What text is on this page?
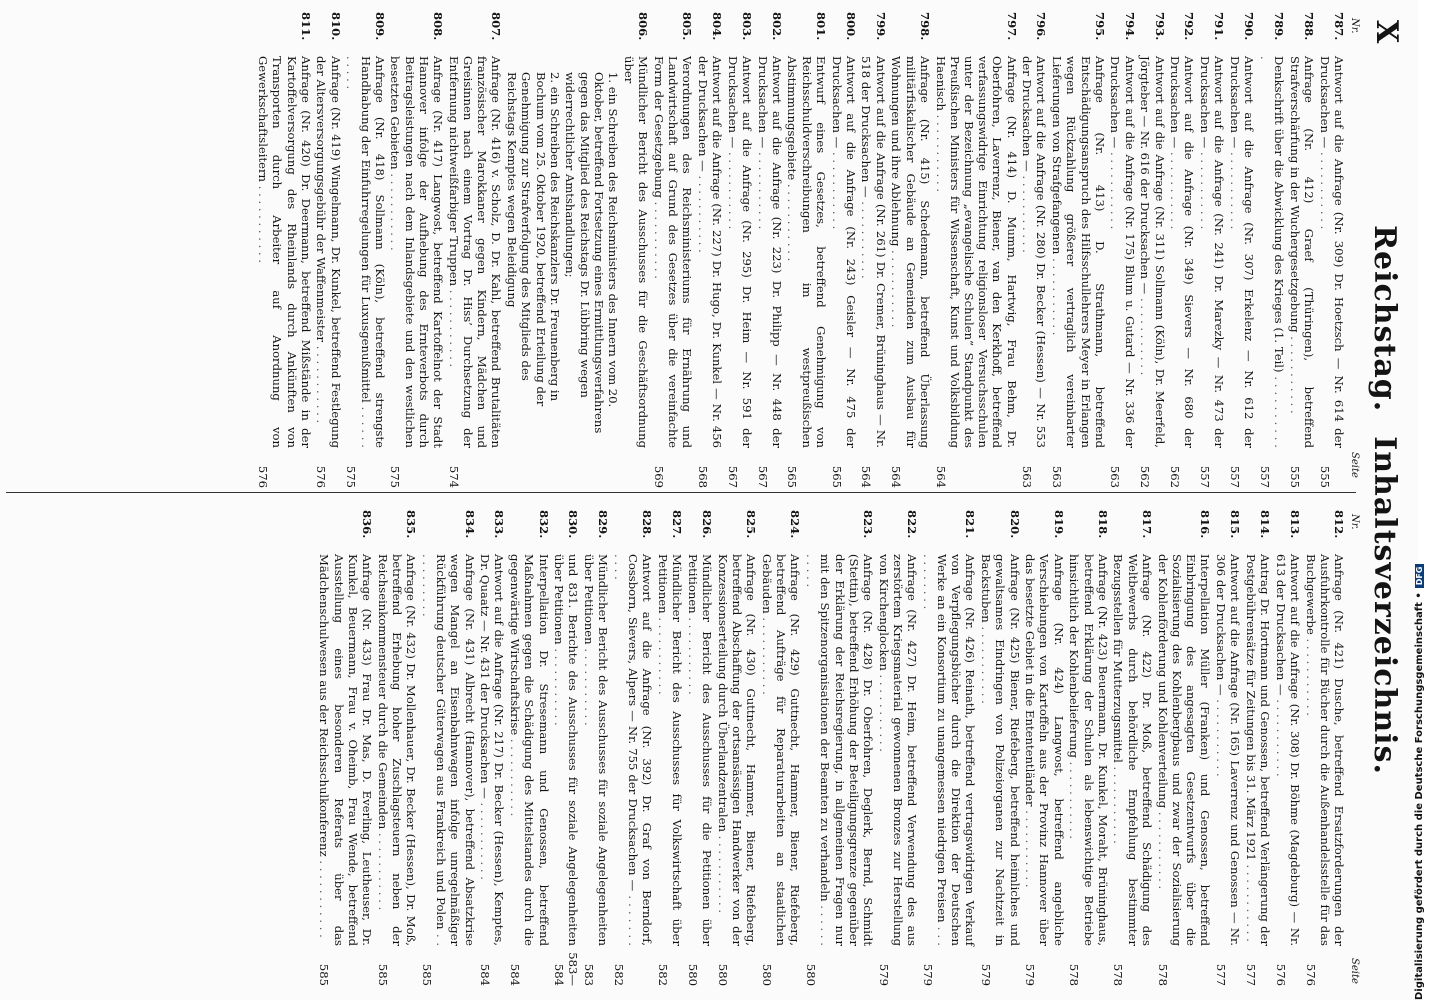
X
Reichstag.Inhaltsverzeichnis.
Nr.
Seite
Nr.
Seite
787.
Antwort auf die Anfrage (Nr. 309) Dr. Hoetzsch — Nr. 614 der Drucksachen — . . .
555
788.
Anfrage (Nr. 412) Graef (Thüringen), betreffend Strafverschärfung in der Wuchergesetzgebung . . .
555
789.
Denkschrift über die Abwicklung des Krieges (1. Teil) . . .
557
790.
Antwort auf die Anfrage (Nr. 307) Erkelenz — Nr. 612 der Drucksachen — . . .
557
791.
Antwort auf die Anfrage (Nr. 241) Dr. Marezky — Nr. 473 der Drucksachen — . . .
557
792.
Antwort auf die Anfrage (Nr. 349) Sievers — Nr. 680 der Drucksachen — . . .
562
793.
Antwort auf die Anfrage (Nr. 311) Sollmann (Köln), Dr. Meerfeld, Jörgteber — Nr. 616 der Drucksachen — . . .
562
794.
Antwort auf die Anfrage (Nr. 175) Blum u. Gutard — Nr. 336 der Drucksachen — . . .
563
795.
Anfrage (Nr. 413) D. Strathmann, betreffend Entschädigungsanspruch des Hilfsschullehrers Meyer in Erlangen wegen Rückzahlung größerer vertraglich vereinbarter Lieferungen von Strafgefangenen . . .
563
796.
Antwort auf die Anfrage (Nr. 280) Dr. Becker (Hessen) — Nr. 553 der Drucksachen — . . .
563
797.
Anfrage (Nr. 414) D. Mumm, Hartwig, Frau Behm, Dr. Oberfohren, Laverrenz, Biener, van den Kerkhoff, betreffend verfassungswidrige Einrichtung religionsloser Versuchsschulen unter der Bezeichnung „evangelische Schulen“ Standpunkt des Preußischen Ministers für Wissenschaft, Kunst und Volksbildung Haenisch . . .
564
798.
Anfrage (Nr. 415) Schedemann, betreffend Überlassung militärfiskalischer Gebäude an Gemeinden zum Ausbau für Wohnungen und ihre Ablehnung . . .
564
799.
Antwort auf die Anfrage (Nr. 261) Dr. Cremer, Brüninghaus — Nr. 518 der Drucksachen — . . .
564
800.
Antwort auf die Anfrage (Nr. 243) Geisler — Nr. 475 der Drucksachen — . . .
565
801.
Entwurf eines Gesetzes, betreffend Genehmigung von Reichsschuldverschreibungen im westpreußischen Abstimmungsgebiete . . .
565
802.
Antwort auf die Anfrage (Nr. 223) Dr. Philipp — Nr. 448 der Drucksachen — . . .
567
803.
Antwort auf die Anfrage (Nr. 295) Dr. Heim — Nr. 591 der Drucksachen — . . .
567
804.
Antwort auf die Anfrage (Nr. 227) Dr. Hugo, Dr. Kunkel — Nr. 456 der Drucksachen — . . .
568
805.
Verordnungen des Reichsministeriums für Ernährung und Landwirtschaft auf Grund des Gesetzes über die vereinfachte Form der Gesetzgebung . . .
569
806.
Mündlicher Bericht des Ausschusses für die Geschäftsordnung über
1. ein Schreiben des Reichsministers des Innern vom 20. Oktober, betreffend Fortsetzung eines Ermittlungsverfahrens gegen das Mitglied des Reichstags Dr. Lübbring wegen widerrechtlicher Amtshandlungen;
2. ein Schreiben des Reichskanzlers Dr. Freunenberg in Bochum vom 25. Oktober 1920, betreffend Erteilung der Genehmigung zur Strafverfolgung des Mitglieds des Reichstags Kemptes wegen Beleidigung
807.
Anfrage (Nr. 416) v. Scholz, D. Dr. Kahl, betreffend Brutalitäten französischer Marokkaner gegen Kindern, Mädchen und Greisinnen nach einem Vortrag Dr. Hiss’ Durchsetzung der Entfernung nichtweißfarbiger Truppen . . .
574
808.
Anfrage (Nr. 417) Langwost, betreffend Kartoffelnot der Stadt Hannover infolge der Aufhebung des Ernteverbots durch Beitragsleistungen nach dem Inlandsgebiete und den westlichen besetzten Gebieten . . .
575
809.
Anfrage (Nr. 418) Sollmann (Köln), betreffend strengste Handhabung der Einfuhrregelungen für Luxusgenußmittel . . .
575
810.
Anfrage (Nr. 419) Wingelmann, Dr. Kunkel, betreffend Festlegung der Altersversorgungsgebühr der Waffenmeister . . .
576
811.
Anfrage (Nr. 420) Dr. Deermann, betreffend Mißstände in der Kartoffelversorgung des Rheinlands durch Ankünften von Transporten durch Arbeiter auf Anordnung von Gewerkschaftsleitern . . .
576
812.
Anfrage (Nr. 421) Dusche, betreffend Ersatzforderungen der Ausfuhrkontrolle für Bücher durch die Außenhandelsstelle für das Buchgewerbe . . .
576
813.
Antwort auf die Anfrage (Nr. 308) Dr. Böhme (Magdeburg) — Nr. 613 der Drucksachen — . . .
576
814.
Antrag Dr. Hortmann und Genossen, betreffend Verlängerung der Postgebührensätze für Zeitungen bis 31. März 1921 . . .
577
815.
Antwort auf die Anfrage (Nr. 165) Laverrenz und Genossen — Nr. 306 der Drucksachen — . . .
577
816.
Interpellation Müller (Franken) und Genossen, betreffend Einbringung des angesagten Gesetzentwurfs über die Sozialisierung des Kohlenbergbaus und zwar der Sozialisierung der Kohlenförderung und Kohlenverteilung . . .
578
817.
Anfrage (Nr. 422) Dr. Moß, betreffend Schädigung des Weltbewerbs durch behördliche Empfehlung bestimmter Bezugsstellen für Mutterzugsmittel . . .
578
818.
Anfrage (Nr. 423) Beuermann, Dr. Kunkel, Moraht, Brüninghaus, betreffend Erklärung der Schulen als lebenswichtige Betriebe hinsichtlich der Kohlenbelieferung . . .
578
819.
Anfrage (Nr. 424) Langwost, betreffend angebliche Verschiebungen von Kartoffeln aus der Provinz Hannover über das besetzte Gebiet in die Entententländer . . .
579
820.
Anfrage (Nr. 425) Biener, Riefeberg, betreffend heimliches und gewaltsames Eindringen von Polizeiorganen zur Nachtzeit in Backstuben . . .
579
821.
Anfrage (Nr. 426) Reinath, betreffend vertragswidrigen Verkauf von Verpflegungsbücher durch die Direktion der Deutschen Werke an ein Konsortium zu unangemessen niedrigen Preisen . . .
579
822.
Anfrage (Nr. 427) Dr. Heim, betreffend Verwendung des aus zerstörtem Kriegsmaterial gewonnenen Bronzes zur Herstellung von Kirchenglocken . . .
579
823.
Anfrage (Nr. 428) Dr. Oberfohren, Deglerk, Bernd, Schmidt (Stettin), betreffend Erhöhung der Beteiligungsgrenze gegenüber der Erklärung der Reichsregierung, in allgemeinen Fragen nur mit den Spitzenorganisationen der Beamten zu verhandeln . . .
580
824.
Anfrage (Nr. 429) Guttnecht, Hammer, Biener, Riefeberg, betreffend Aufträge für Reparaturarbeiten an staatlichen Gebäuden . . .
580
825.
Anfrage (Nr. 430) Guttnecht, Hammer, Biener, Riefeberg, betreffend Abschaffung der ortsansässigen Handwerker von der Konzessionserteilung durch Überlandzentralen . . .
580
826.
Mündlicher Bericht des Ausschusses für die Petitionen über Petitionen . . .
580
827.
Mündlicher Bericht des Ausschusses für Volkswirtschaft über Petitionen . . .
582
828.
Antwort auf die Anfrage (Nr. 392) Dr. Graf von Berndorf, Cossborn, Sievers, Alpers — Nr. 755 der Drucksachen — . . .
582
829.
Mündlicher Bericht des Ausschusses für soziale Angelegenheiten über Petitionen . . .
583
830.
und 831. Berichte des Ausschusses für soziale Angelegenheiten über Petitionen . . .
583—584
832.
Interpellation Dr. Stresemann und Genossen, betreffend Maßnahmen gegen die Schädigung des Mittelstandes durch die gegenwärtige Wirtschaftskrise . . .
584
833.
Antwort auf die Anfrage (Nr. 217) Dr. Becker (Hessen), Kemptes, Dr. Quaatz — Nr. 431 der Drucksachen — . . .
584
834.
Anfrage (Nr. 431) Albrecht (Hannover), betreffend Absatzkrise wegen Mangel an Eisenbahnwagen infolge unregelmäßiger Rückführung deutscher Güterwagen aus Frankreich und Polen . . .
585
835.
Anfrage (Nr. 432) Dr. Mollenhauer, Dr. Becker (Hessen), Dr. Moß, betreffend Erhebung hoher Zuschlagsteuern neben der Reichseinkommensteuer durch die Gemeinden . . .
585
836.
Anfrage (Nr. 433) Frau Dr. Mas, D. Everling, Leutheuser, Dr. Kunkel, Beuermann, Frau v. Oheimb, Frau Wende, betreffend Ausstellung eines besonderen Referats über das Mädchenschulwesen aus der Reichsschulkonferenz . . .
585	Digitalisierung gefördert durch die Deutsche Forschungsgemeinschaft •DFG
